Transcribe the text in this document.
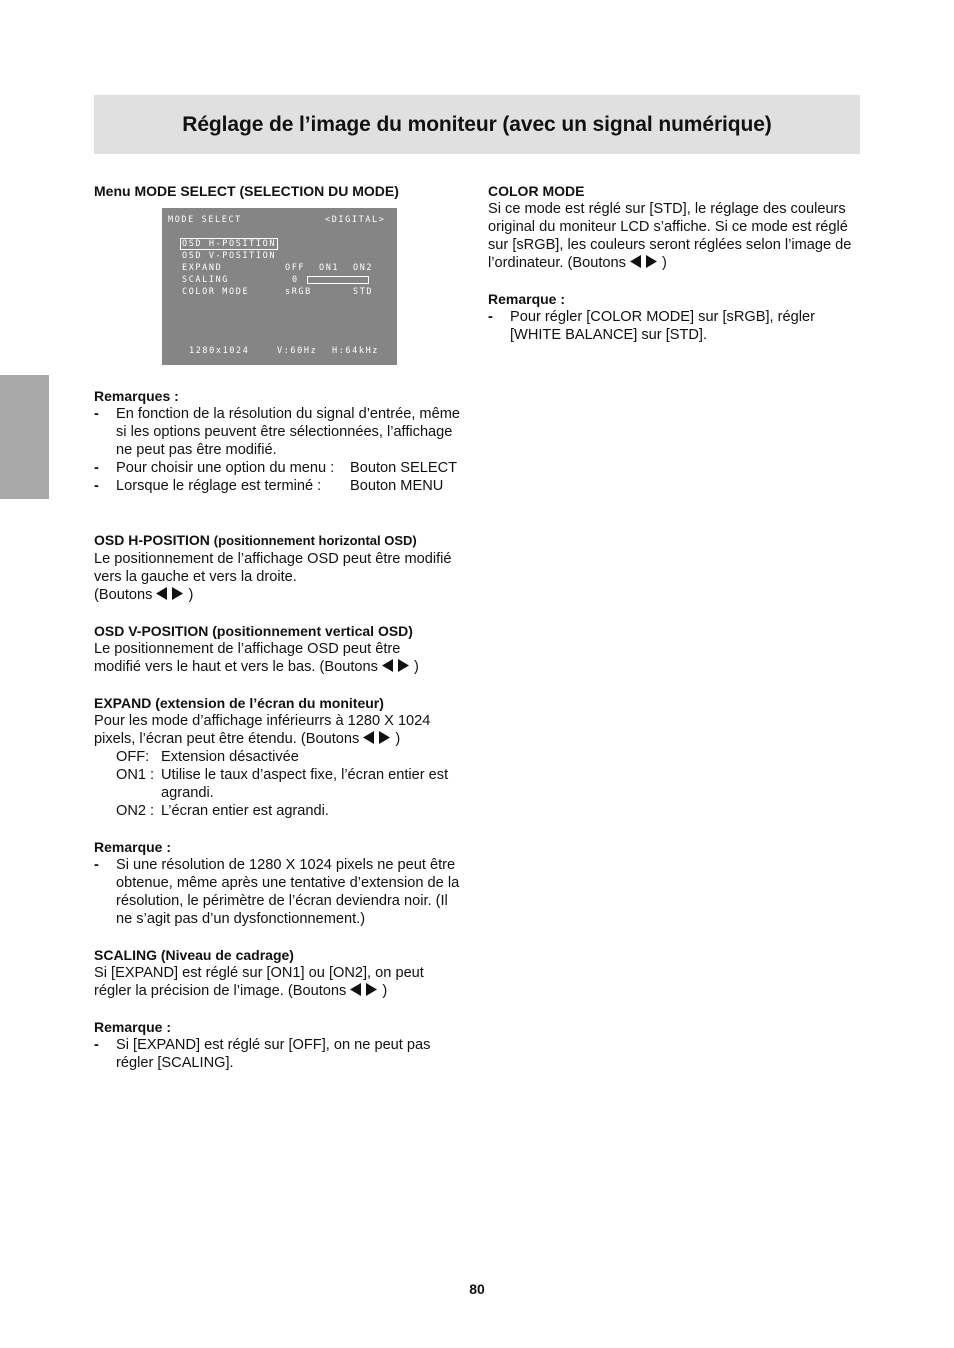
Réglage de l’image du moniteur (avec un signal numérique)
Menu MODE SELECT (SELECTION DU MODE)
MODE SELECT	<DIGITAL>
OSD H-POSITION
OSD V-POSITION
EXPAND	OFF ON1 ON2
SCALING	0
COLOR MODE	sRGB	STD
1280x1024	V:60Hz H:64kHz
Remarques :
- En fonction de la résolution du signal d’entrée, même si les options peuvent être sélectionnées, l’affichage ne peut pas être modifié.
- Pour choisir une option du menu :	Bouton SELECT
- Lorsque le réglage est terminé :	Bouton MENU
OSD H-POSITION (positionnement horizontal OSD)

Le positionnement de l’affichage OSD peut être modifié vers la gauche et vers la droite.

(Boutons )

OSD V-POSITION (positionnement vertical OSD)

Le positionnement de l’affichage OSD peut être

modifié vers le haut et vers le bas. (Boutons )

EXPAND (extension de l’écran du moniteur)

Pour les mode d’affichage inférieurrs à 1280 X 1024

pixels, l’écran peut être étendu. (Boutons )

OFF: Extension désactivée
ON1 : Utilise le taux d’aspect fixe, l’écran entier est agrandi.
ON2 : L’écran entier est agrandi.
Remarque :
- Si une résolution de 1280 X 1024 pixels ne peut être obtenue, même après une tentative d’extension de la résolution, le périmètre de l’écran deviendra noir. (Il ne s’agit pas d’un dysfonctionnement.)
SCALING (Niveau de cadrage)

Si [EXPAND] est réglé sur [ON1] ou [ON2], on peut

régler la précision de l’image. (Boutons )

Remarque :
- Si [EXPAND] est réglé sur [OFF], on ne peut pas régler [SCALING].
COLOR MODE

Si ce mode est réglé sur [STD], le réglage des couleurs original du moniteur LCD s’affiche. Si ce mode est réglé sur [sRGB], les couleurs seront réglées selon l’image de l’ordinateur. (Boutons )

Remarque :
- Pour régler [COLOR MODE] sur [sRGB], régler [WHITE BALANCE] sur [STD].
80
